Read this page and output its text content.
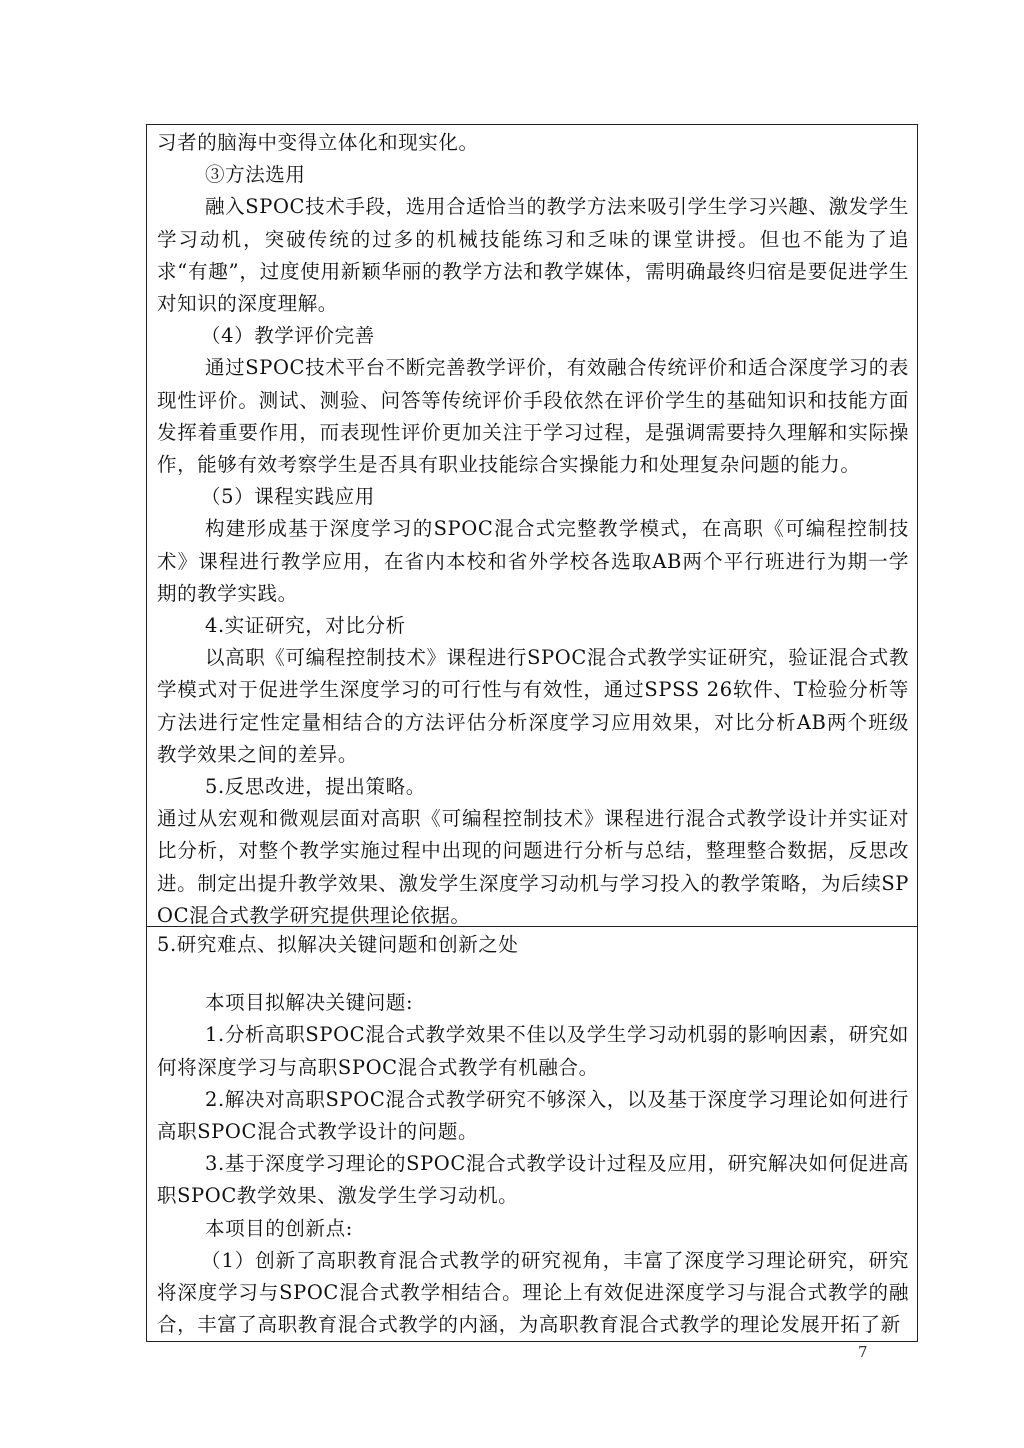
习者的脑海中变得立体化和现实化。

③方法选用

融入SPOC技术手段，选用合适恰当的教学方法来吸引学生学习兴趣、激发学生学习动机，突破传统的过多的机械技能练习和乏味的课堂讲授。但也不能为了追求“有趣”，过度使用新颖华丽的教学方法和教学媒体，需明确最终归宿是要促进学生对知识的深度理解。

（4）教学评价完善

通过SPOC技术平台不断完善教学评价，有效融合传统评价和适合深度学习的表现性评价。测试、测验、问答等传统评价手段依然在评价学生的基础知识和技能方面发挥着重要作用，而表现性评价更加关注于学习过程，是强调需要持久理解和实际操作，能够有效考察学生是否具有职业技能综合实操能力和处理复杂问题的能力。

（5）课程实践应用

构建形成基于深度学习的SPOC混合式完整教学模式，在高职《可编程控制技术》课程进行教学应用，在省内本校和省外学校各选取AB两个平行班进行为期一学期的教学实践。

4.实证研究，对比分析

以高职《可编程控制技术》课程进行SPOC混合式教学实证研究，验证混合式教学模式对于促进学生深度学习的可行性与有效性，通过SPSS 26软件、T检验分析等方法进行定性定量相结合的方法评估分析深度学习应用效果，对比分析AB两个班级教学效果之间的差异。

5.反思改进，提出策略。

通过从宏观和微观层面对高职《可编程控制技术》课程进行混合式教学设计并实证对比分析，对整个教学实施过程中出现的问题进行分析与总结，整理整合数据，反思改进。制定出提升教学效果、激发学生深度学习动机与学习投入的教学策略，为后续SPOC混合式教学研究提供理论依据。

5.研究难点、拟解决关键问题和创新之处

本项目拟解决关键问题:

1.分析高职SPOC混合式教学效果不佳以及学生学习动机弱的影响因素，研究如何将深度学习与高职SPOC混合式教学有机融合。

2.解决对高职SPOC混合式教学研究不够深入，以及基于深度学习理论如何进行高职SPOC混合式教学设计的问题。

3.基于深度学习理论的SPOC混合式教学设计过程及应用，研究解决如何促进高职SPOC教学效果、激发学生学习动机。

本项目的创新点:

（1）创新了高职教育混合式教学的研究视角，丰富了深度学习理论研究，研究将深度学习与SPOC混合式教学相结合。理论上有效促进深度学习与混合式教学的融合，丰富了高职教育混合式教学的内涵，为高职教育混合式教学的理论发展开拓了新

7
